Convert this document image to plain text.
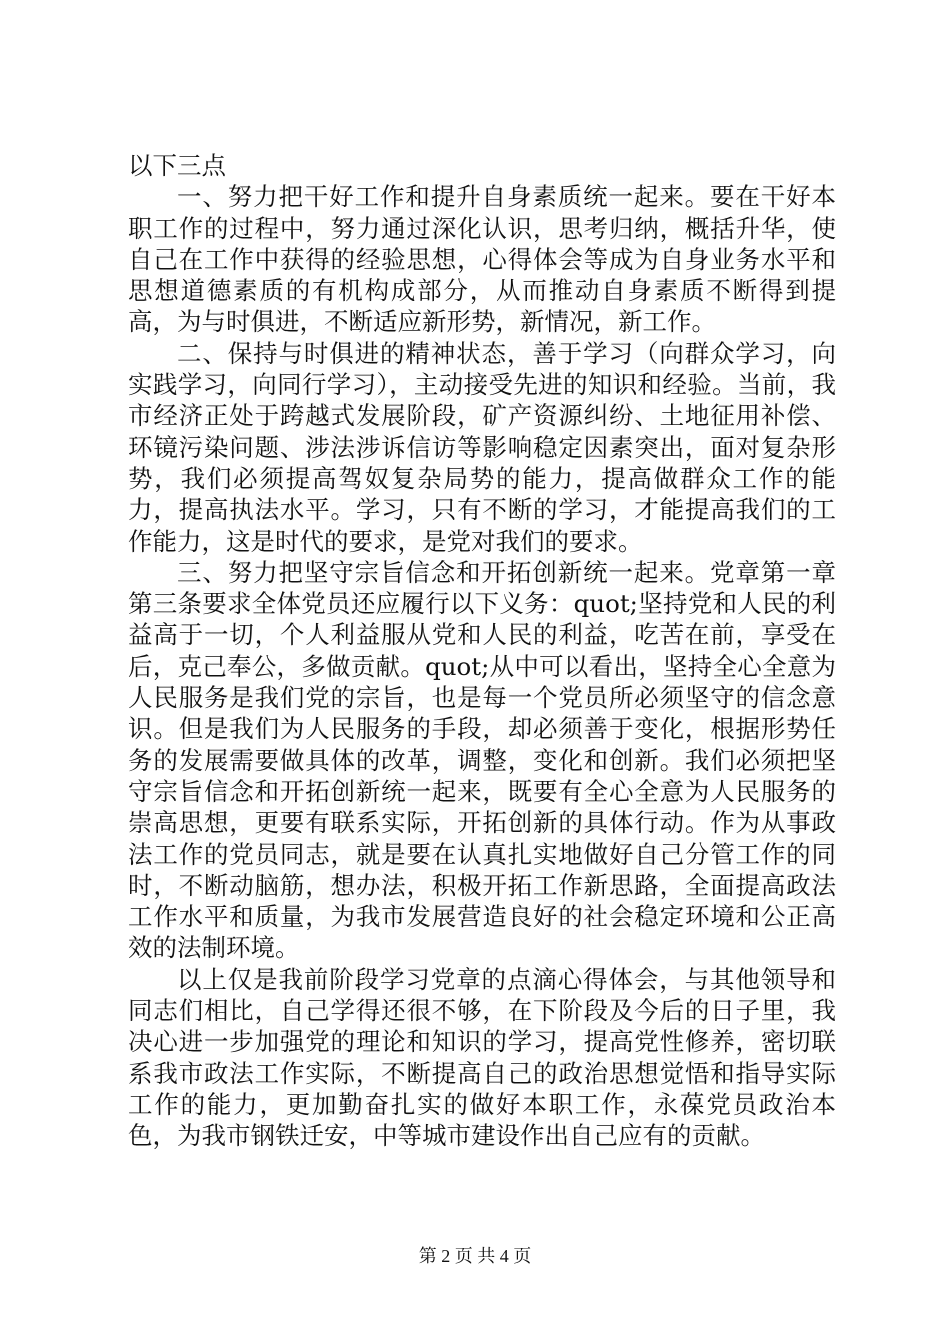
以下三点

一、努力把干好工作和提升自身素质统一起来。要在干好本职工作的过程中，努力通过深化认识，思考归纳，概括升华，使自己在工作中获得的经验思想，心得体会等成为自身业务水平和思想道德素质的有机构成部分，从而推动自身素质不断得到提高，为与时俱进，不断适应新形势，新情况，新工作。

二、保持与时俱进的精神状态，善于学习（向群众学习，向实践学习，向同行学习），主动接受先进的知识和经验。当前，我市经济正处于跨越式发展阶段，矿产资源纠纷、土地征用补偿、环镜污染问题、涉法涉诉信访等影响稳定因素突出，面对复杂形势，我们必须提高驾奴复杂局势的能力，提高做群众工作的能力，提高执法水平。学习，只有不断的学习，才能提高我们的工作能力，这是时代的要求，是党对我们的要求。

三、努力把坚守宗旨信念和开拓创新统一起来。党章第一章第三条要求全体党员还应履行以下义务：quot;坚持党和人民的利益高于一切，个人利益服从党和人民的利益，吃苦在前，享受在后，克己奉公，多做贡献。quot;从中可以看出，坚持全心全意为人民服务是我们党的宗旨，也是每一个党员所必须坚守的信念意识。但是我们为人民服务的手段，却必须善于变化，根据形势任务的发展需要做具体的改革，调整，变化和创新。我们必须把坚守宗旨信念和开拓创新统一起来，既要有全心全意为人民服务的崇高思想，更要有联系实际，开拓创新的具体行动。作为从事政法工作的党员同志，就是要在认真扎实地做好自己分管工作的同时，不断动脑筋，想办法，积极开拓工作新思路，全面提高政法工作水平和质量，为我市发展营造良好的社会稳定环境和公正高效的法制环境。

以上仅是我前阶段学习党章的点滴心得体会，与其他领导和同志们相比，自己学得还很不够，在下阶段及今后的日子里，我决心进一步加强党的理论和知识的学习，提高党性修养，密切联系我市政法工作实际，不断提高自己的政治思想觉悟和指导实际工作的能力，更加勤奋扎实的做好本职工作，永葆党员政治本色，为我市钢铁迁安，中等城市建设作出自己应有的贡献。

第 2 页 共 4 页
